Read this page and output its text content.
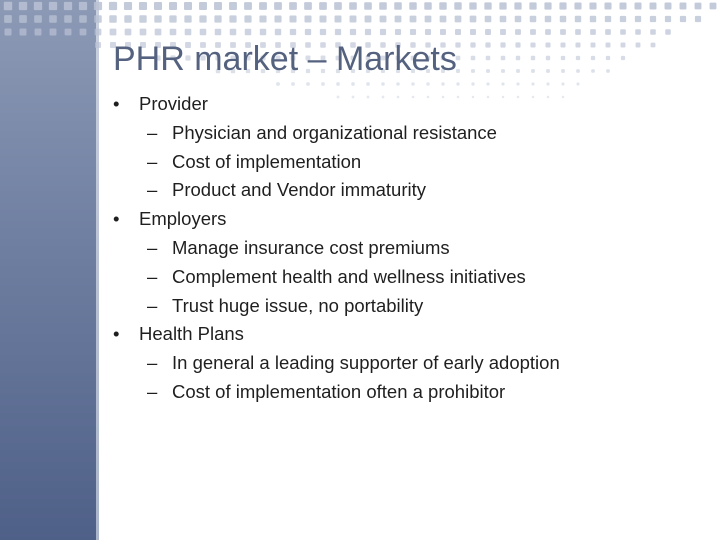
PHR market – Markets
• Provider
– Physician and organizational resistance
– Cost of implementation
– Product and Vendor immaturity
• Employers
– Manage insurance cost premiums
– Complement health and wellness initiatives
– Trust huge issue, no portability
• Health Plans
– In general a leading supporter of early adoption
– Cost of implementation often a prohibitor
